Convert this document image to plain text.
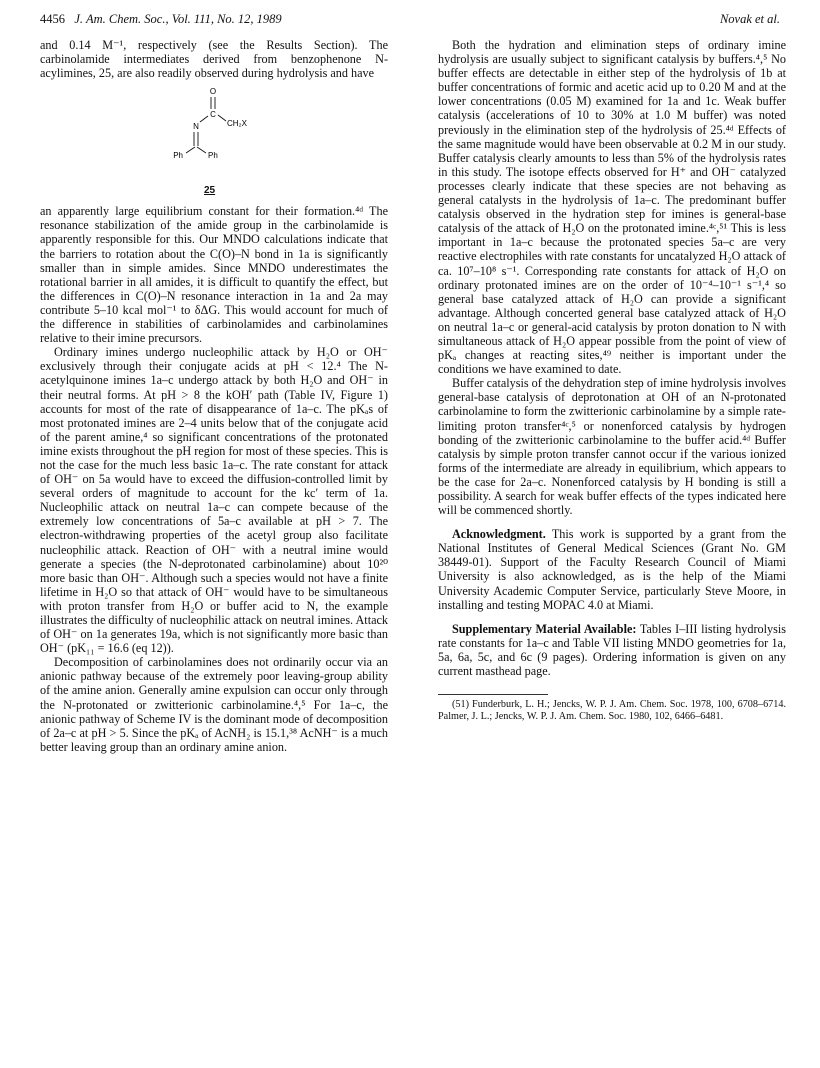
4456 J. Am. Chem. Soc., Vol. 111, No. 12, 1989	Novak et al.

and 0.14 M⁻¹, respectively (see the Results Section). The carbinolamide intermediates derived from benzophenone N-acylimines, 25, are also readily observed during hydrolysis and have

O
C
CH₂X
N
Ph	Ph
25

an apparently large equilibrium constant for their formation.⁴ᵈ The resonance stabilization of the amide group in the carbinolamide is apparently responsible for this. Our MNDO calculations indicate that the barriers to rotation about the C(O)–N bond in 1a is significantly smaller than in simple amides. Since MNDO underestimates the rotational barrier in all amides, it is difficult to quantify the effect, but the differences in C(O)–N resonance interaction in 1a and 2a may contribute 5–10 kcal mol⁻¹ to δΔG. This would account for much of the difference in stabilities of carbinolamides and carbinolamines relative to their imine precursors.

Ordinary imines undergo nucleophilic attack by H₂O or OH⁻ exclusively through their conjugate acids at pH < 12.⁴ The N-acetylquinone imines 1a–c undergo attack by both H₂O and OH⁻ in their neutral forms. At pH > 8 the kOH′ path (Table IV, Figure 1) accounts for most of the rate of disappearance of 1a–c. The pKₐs of most protonated imines are 2–4 units below that of the conjugate acid of the parent amine,⁴ so significant concentrations of the protonated imine exists throughout the pH region for most of these species. This is not the case for the much less basic 1a–c. The rate constant for attack of OH⁻ on 5a would have to exceed the diffusion-controlled limit by several orders of magnitude to account for the kc′ term of 1a. Nucleophilic attack on neutral 1a–c can compete because of the extremely low concentrations of 5a–c available at pH > 7. The electron-withdrawing properties of the acetyl group also facilitate nucleophilic attack. Reaction of OH⁻ with a neutral imine would generate a species (the N-deprotonated carbinolamine) about 10²⁰ more basic than OH⁻. Although such a species would not have a finite lifetime in H₂O so that attack of OH⁻ would have to be simultaneous with proton transfer from H₂O or buffer acid to N, the example illustrates the difficulty of nucleophilic attack on neutral imines. Attack of OH⁻ on 1a generates 19a, which is not significantly more basic than OH⁻ (pK₁₁ = 16.6 (eq 12)).

Decomposition of carbinolamines does not ordinarily occur via an anionic pathway because of the extremely poor leaving-group ability of the amine anion. Generally amine expulsion can occur only through the N-protonated or zwitterionic carbinolamine.⁴,⁵ For 1a–c, the anionic pathway of Scheme IV is the dominant mode of decomposition of 2a–c at pH > 5. Since the pKₐ of AcNH₂ is 15.1,³⁸ AcNH⁻ is a much better leaving group than an ordinary amine anion.

Both the hydration and elimination steps of ordinary imine hydrolysis are usually subject to significant catalysis by buffers.⁴,⁵ No buffer effects are detectable in either step of the hydrolysis of 1b at buffer concentrations of formic and acetic acid up to 0.20 M and at the lower concentrations (0.05 M) examined for 1a and 1c. Weak buffer catalysis (accelerations of 10 to 30% at 1.0 M buffer) was noted previously in the elimination step of the hydrolysis of 25.⁴ᵈ Effects of the same magnitude would have been observable at 0.2 M in our study. Buffer catalysis clearly amounts to less than 5% of the hydrolysis rates in this study. The isotope effects observed for H⁺ and OH⁻ catalyzed processes clearly indicate that these species are not behaving as general catalysts in the hydrolysis of 1a–c. The predominant buffer catalysis observed in the hydration step for imines is general-base catalysis of the attack of H₂O on the protonated imine.⁴ᶜ,⁵¹ This is less important in 1a–c because the protonated species 5a–c are very reactive electrophiles with rate constants for uncatalyzed H₂O attack of ca. 10⁷–10⁸ s⁻¹. Corresponding rate constants for attack of H₂O on ordinary protonated imines are on the order of 10⁻⁴–10⁻¹ s⁻¹,⁴ so general base catalyzed attack of H₂O can provide a significant advantage. Although concerted general base catalyzed attack of H₂O on neutral 1a–c or general-acid catalysis by proton donation to N with simultaneous attack of H₂O appear possible from the point of view of pKₐ changes at reacting sites,⁴⁹ neither is important under the conditions we have examined to date.

Buffer catalysis of the dehydration step of imine hydrolysis involves general-base catalysis of deprotonation at OH of an N-protonated carbinolamine to form the zwitterionic carbinolamine by a simple rate-limiting proton transfer⁴ᶜ,⁵ or nonenforced catalysis by hydrogen bonding of the zwitterionic carbinolamine to the buffer acid.⁴ᵈ Buffer catalysis by simple proton transfer cannot occur if the various ionized forms of the intermediate are already in equilibrium, which appears to be the case for 2a–c. Nonenforced catalysis by H bonding is still a possibility. A search for weak buffer effects of the types indicated here will be commenced shortly.

Acknowledgment. This work is supported by a grant from the National Institutes of General Medical Sciences (Grant No. GM 38449-01). Support of the Faculty Research Council of Miami University is also acknowledged, as is the help of the Miami University Academic Computer Service, particularly Steve Moore, in installing and testing MOPAC 4.0 at Miami.

Supplementary Material Available: Tables I–III listing hydrolysis rate constants for 1a–c and Table VII listing MNDO geometries for 1a, 5a, 6a, 5c, and 6c (9 pages). Ordering information is given on any current masthead page.

(51) Funderburk, L. H.; Jencks, W. P. J. Am. Chem. Soc. 1978, 100, 6708–6714. Palmer, J. L.; Jencks, W. P. J. Am. Chem. Soc. 1980, 102, 6466–6481.
